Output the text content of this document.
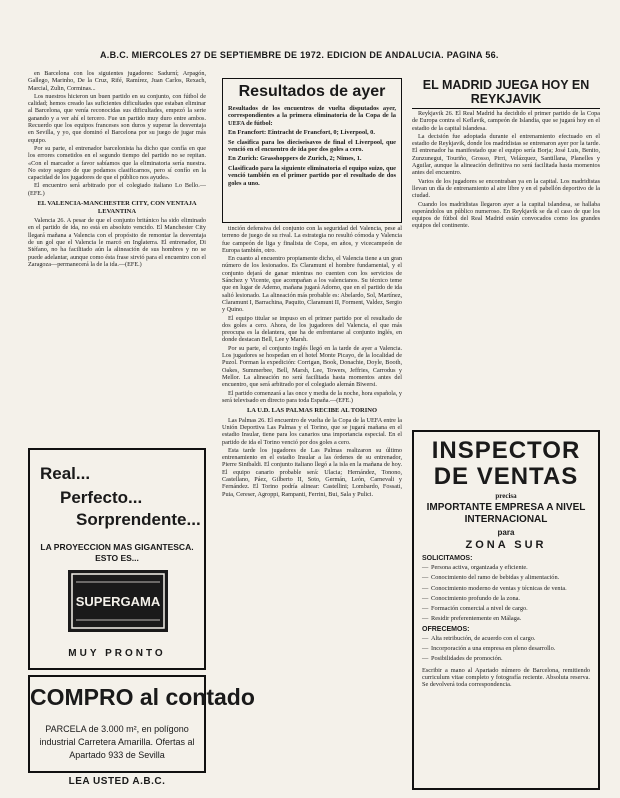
A.B.C. MIERCOLES 27 DE SEPTIEMBRE DE 1972. EDICION DE ANDALUCIA. PAGINA 56.

en Barcelona con los siguientes jugadores: Sadurní; Arpagón, Gallego, Marinho, De la Cruz, Rifé, Ramírez, Juan Carlos, Rexach, Marcial, Zulin, Corminas...

Los nuestros hicieron un buen partido en su conjunto, con fútbol de calidad; hemos creado las suficientes dificultades que estaban eliminar al Barcelona, que venía reconocidas sus dificultades, empezó la serie ganando y a ver ahí el tercero. Fue un partido muy duro entre ambos. Recuerdo que los equipos franceses son duros y superar la desventaja en Sevilla, y yo, que dominó el Barcelona por su juego de jugar más equipo.

Por su parte, el entrenador barcelonista ha dicho que confía en que los errores cometidos en el segundo tiempo del partido no se repitan. «Con el marcador a favor sabíamos que la eliminatoria sería nuestra. No estoy seguro de que podamos clasificarnos, pero sí confío en la capacidad de los jugadores de que el público nos ayude».

El encuentro será arbitrado por el colegiado italiano Lo Bello.—(EFE.)

EL VALENCIA-MANCHESTER CITY, CON VENTAJA LEVANTINA

Valencia 26. A pesar de que el conjunto británico ha sido eliminado en el partido de ida, no está en absoluto vencido. El Manchester City llegará mañana a Valencia con el propósito de remontar la desventaja de un gol que el Valencia le marcó en Inglaterra. El entrenador, Di Stéfano, no ha facilitado aún la alineación de sus hombres y no se puede adelantar, aunque como ésta frase sirvió para el encuentro con el Zaragoza—permanecerá la de la ida.—(EFE.)

Resultados de ayer

Resultados de los encuentros de vuelta disputados ayer, correspondientes a la primera eliminatoria de la Copa de la UEFA de fútbol:

En Francfort: Eintracht de Francfort, 0; Liverpool, 0.

Se clasifica para los dieciseisavos de final el Liverpool, que venció en el encuentro de ida por dos goles a cero.

En Zurich: Grasshoppers de Zurich, 2; Nimes, 1.

Clasificado para la siguiente eliminatoria el equipo suizo, que venció también en el primer partido por el resultado de dos goles a uno.

tinción defensiva del conjunto con la seguridad del Valencia, pese al terreno de juego de su rival. La estrategia no resultó cómoda y Valencia fue campeón de liga y finalista de Copa, en años, y vicecampeón de Europa también, otro.

En cuanto al encuentro propiamente dicho, el Valencia tiene a un gran número de los lesionados. Es Claramunt el hombre fundamental, y el conjunto dejará de ganar mientras no cuenten con los servicios de Sánchez y Vicente, que acompañan a los valencianos. Su técnico teme que en lugar de Ademo, mañana jugará Adorno, que en el partido de ida salió lesionado. La alineación más probable es: Abelardo, Sol, Martínez, Claramunt I, Barrachina, Paquito, Claramunt II, Forment, Valdez, Sergio y Quino.

El equipo titular se impuso en el primer partido por el resultado de dos goles a cero. Ahora, de los jugadores del Valencia, el que más preocupa es la delantera, que ha de enfrentarse al conjunto inglés, en donde destacan Bell, Lee y Marsh.

Por su parte, el conjunto inglés llegó en la tarde de ayer a Valencia. Los jugadores se hospedan en el hotel Monte Picayo, de la localidad de Puzol. Forman la expedición: Corrigan, Book, Donachie, Doyle, Booth, Oakes, Summerbee, Bell, Marsh, Lee, Towers, Jeffries, Carrodus y Mellor. La alineación no será facilitada hasta momentos antes del encuentro, que será arbitrado por el colegiado alemán Biwersi.

El partido comenzará a las once y media de la noche, hora española, y será televisado en directo para toda España.—(EFE.)

LA U.D. LAS PALMAS RECIBE AL TORINO

Las Palmas 26. El encuentro de vuelta de la Copa de la UEFA entre la Unión Deportiva Las Palmas y el Torino, que se jugará mañana en el estadio Insular, tiene para los canarios una importancia especial. En el partido de ida el Torino venció por dos goles a cero.

Esta tarde los jugadores de Las Palmas realizaron su último entrenamiento en el estadio Insular a las órdenes de su entrenador, Pierre Sinibaldi. El conjunto italiano llegó a la isla en la mañana de hoy. El equipo canario probable será: Ulacia; Hernández, Tonono, Castellano, Páez, Gilberto II, Soto, Germán, León, Carnevali y Fernández. El Torino podría alinear: Castellini; Lombardo, Fossati, Puia, Cereser, Agroppi, Rampanti, Ferrini, Bui, Sala y Pulici.

EL MADRID JUEGA HOY EN REYKJAVIK

Reykjavik 26. El Real Madrid ha decidido el primer partido de la Copa de Europa contra el Keflavik, campeón de Islandia, que se jugará hoy en el estadio de la capital islandesa.

La decisión fue adoptada durante el entrenamiento efectuado en el estadio de Reykjavik, donde los madridistas se entrenaron ayer por la tarde. El entrenador ha manifestado que el equipo sería Borja; José Luis, Benito, Zunzunegui, Touriño, Grosso, Pirri, Velázquez, Santillana, Planelles y Aguilar, aunque la alineación definitiva no será facilitada hasta momentos antes del encuentro.

Varios de los jugadores se encontraban ya en la capital. Los madridistas llevan un día de entrenamiento al aire libre y en el pabellón deportivo de la ciudad.

Cuando los madridistas llegaron ayer a la capital islandesa, se hallaba esperándolos un público numeroso. En Reykjavik se da el caso de que los equipos de fútbol del Real Madrid están convocados como los grandes equipos del continente.

Real...
Perfecto...
Sorprendente...
LA PROYECCION MAS GIGANTESCA. ESTO ES...
SUPERGAMA
MUY PRONTO
COMPRO al contado
PARCELA de 3.000 m², en polígono industrial Carretera Amarilla. Ofertas al Apartado 933 de Sevilla
LEA USTED A.B.C.
INSPECTOR DE VENTAS
precisa
IMPORTANTE EMPRESA A NIVEL INTERNACIONAL
para
ZONA SUR
SOLICITAMOS:
— Persona activa, organizada y eficiente.
— Conocimiento del ramo de bebidas y alimentación.
— Conocimiento moderno de ventas y técnicas de venta.
— Conocimiento profundo de la zona.
— Formación comercial a nivel de cargo.
— Residir preferentemente en Málaga.
OFRECEMOS:
— Alta retribución, de acuerdo con el cargo.
— Incorporación a una empresa en pleno desarrollo.
— Posibilidades de promoción.
Escribir a mano al Apartado número de Barcelona, remitiendo curriculum vitae completo y fotografía reciente. Absoluta reserva. Se devolverá toda correspondencia.
